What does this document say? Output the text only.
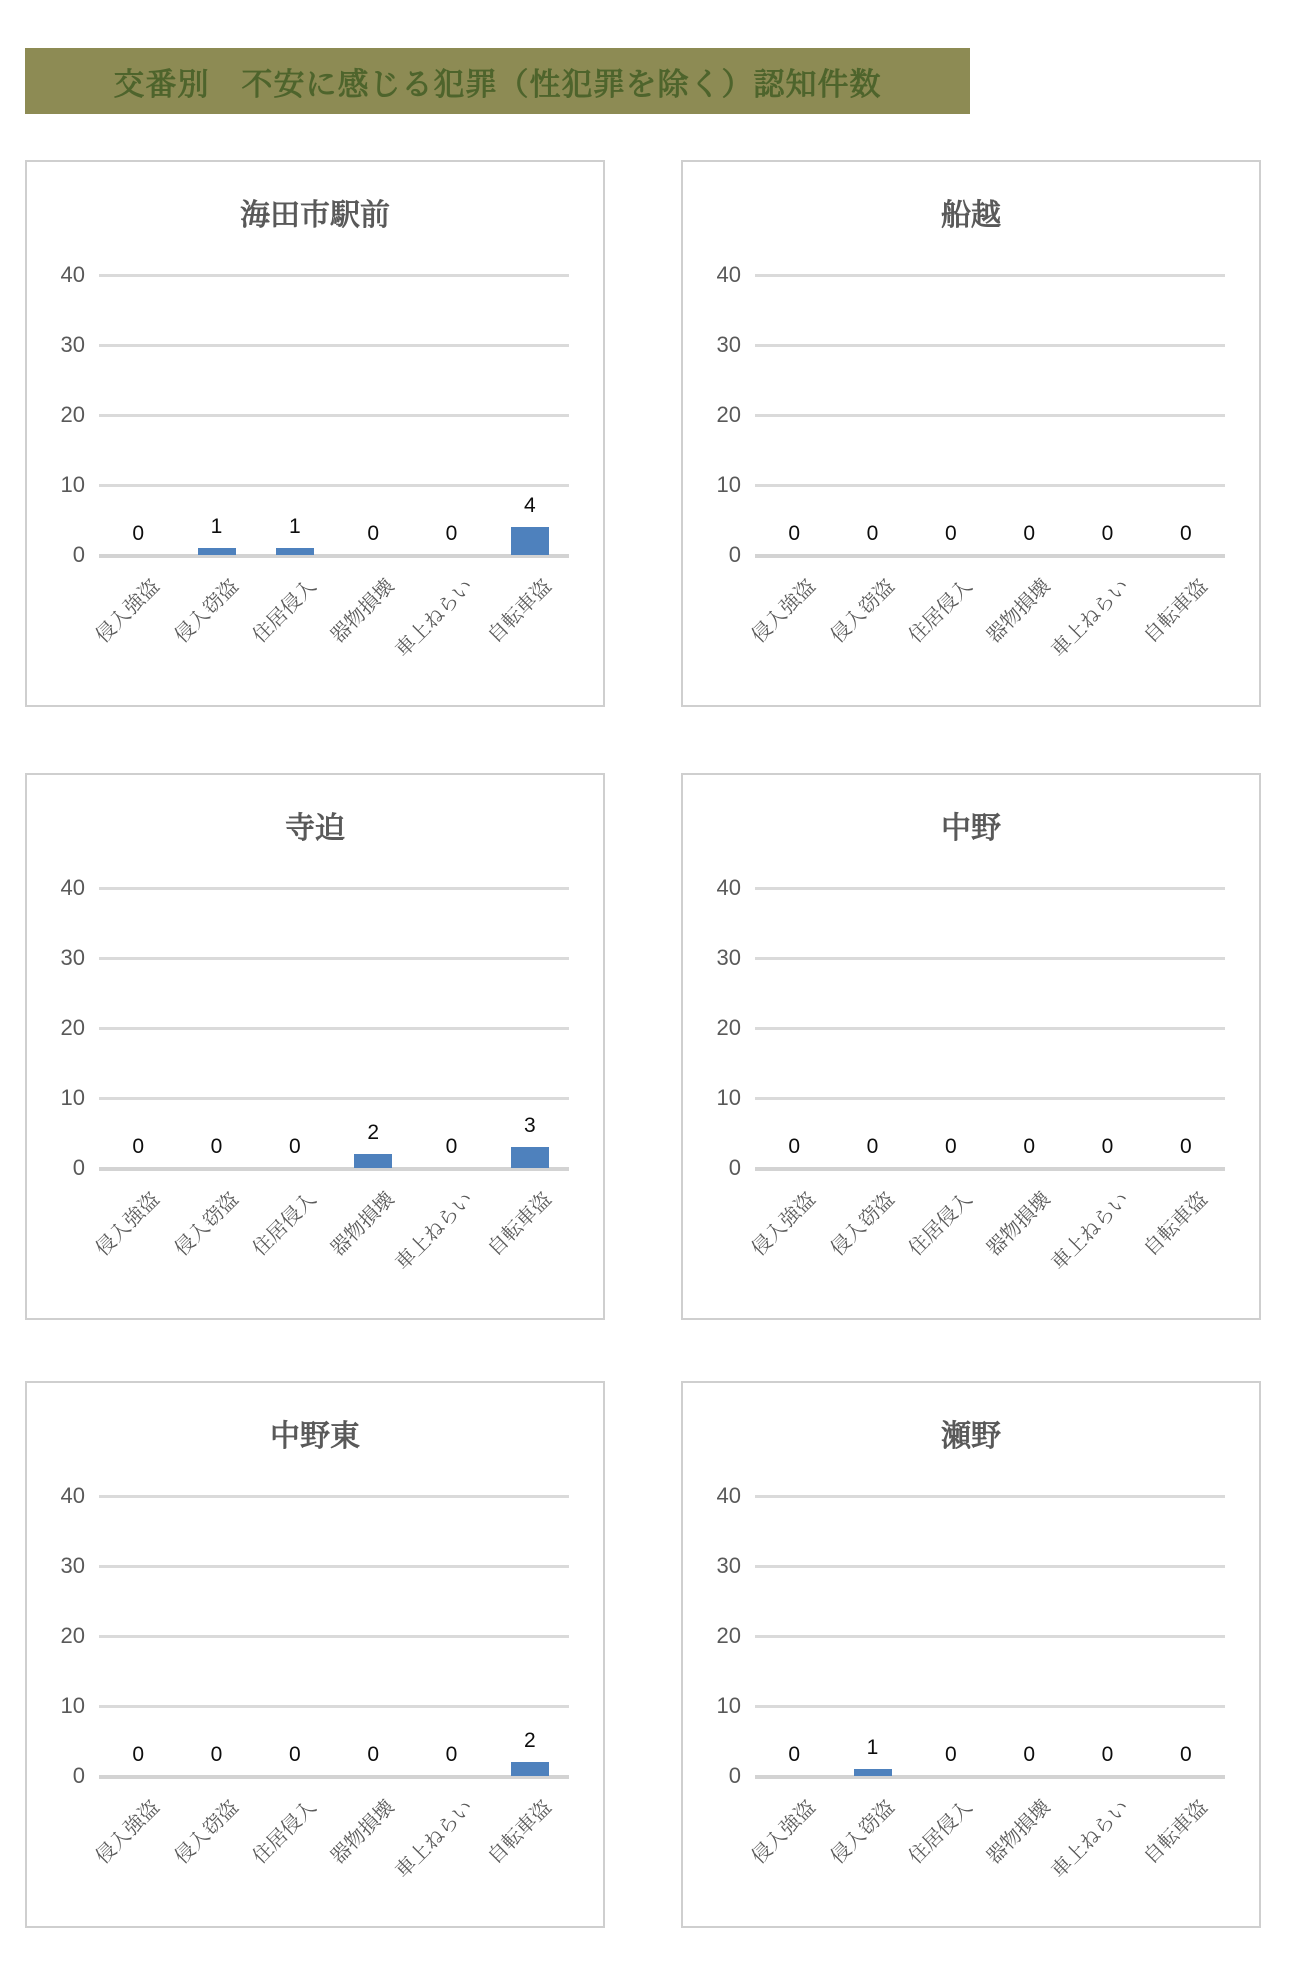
交番別　不安に感じる犯罪（性犯罪を除く）認知件数
海田市駅前
0
10
20
30
40
0
侵入強盗
1
侵入窃盗
1
住居侵入
0
器物損壊
0
車上ねらい
4
自転車盗
船越
0
10
20
30
40
0
侵入強盗
0
侵入窃盗
0
住居侵入
0
器物損壊
0
車上ねらい
0
自転車盗
寺迫
0
10
20
30
40
0
侵入強盗
0
侵入窃盗
0
住居侵入
2
器物損壊
0
車上ねらい
3
自転車盗
中野
0
10
20
30
40
0
侵入強盗
0
侵入窃盗
0
住居侵入
0
器物損壊
0
車上ねらい
0
自転車盗
中野東
0
10
20
30
40
0
侵入強盗
0
侵入窃盗
0
住居侵入
0
器物損壊
0
車上ねらい
2
自転車盗
瀬野
0
10
20
30
40
0
侵入強盗
1
侵入窃盗
0
住居侵入
0
器物損壊
0
車上ねらい
0
自転車盗
